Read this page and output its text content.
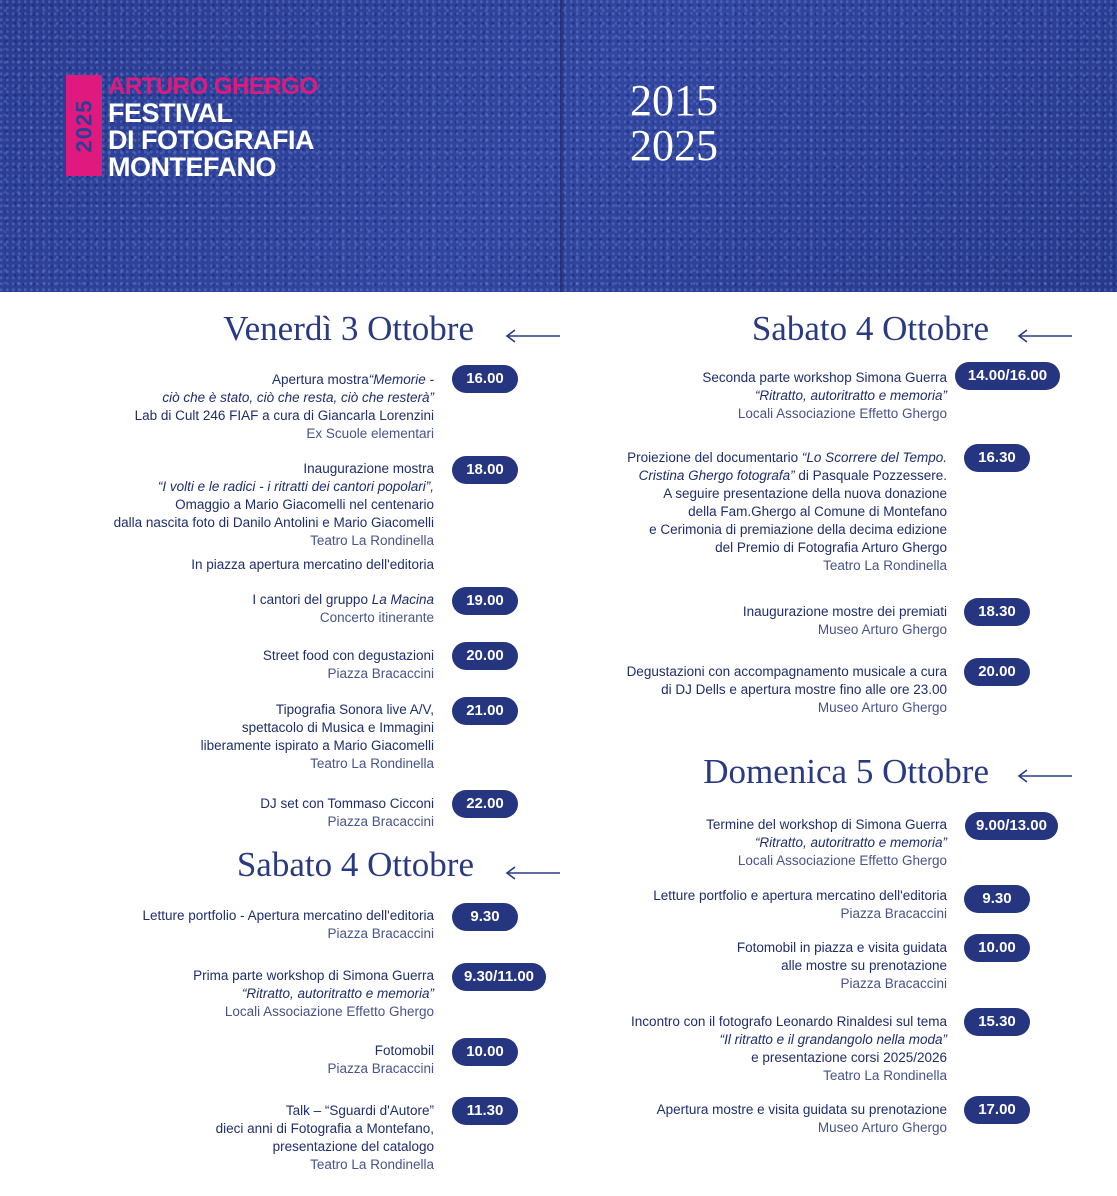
2025
ARTURO GHERGO
FESTIVAL
DI FOTOGRAFIA
MONTEFANO
2015
2025
Venerdì 3 Ottobre
Apertura mostra“Memorie -
ciò che è stato, ciò che resta, ciò che resterà”
Lab di Cult 246 FIAF a cura di Giancarla Lorenzini
Ex Scuole elementari
16.00
Inaugurazione mostra
“I volti e le radici - i ritratti dei cantori popolari”,
Omaggio a Mario Giacomelli nel centenario
dalla nascita foto di Danilo Antolini e Mario Giacomelli
Teatro La Rondinella
18.00
In piazza apertura mercatino dell'editoria
I cantori del gruppo La Macina
Concerto itinerante
19.00
Street food con degustazioni
Piazza Bracaccini
20.00
Tipografia Sonora live A/V,
spettacolo di Musica e Immagini
liberamente ispirato a Mario Giacomelli
Teatro La Rondinella
21.00
DJ set con Tommaso Cicconi
Piazza Bracaccini
22.00
Sabato 4 Ottobre
Letture portfolio - Apertura mercatino dell'editoria
Piazza Bracaccini
9.30
Prima parte workshop di Simona Guerra
“Ritratto, autoritratto e memoria”
Locali Associazione Effetto Ghergo
9.30/11.00
Fotomobil
Piazza Bracaccini
10.00
Talk – “Sguardi d'Autore”
dieci anni di Fotografia a Montefano,
presentazione del catalogo
Teatro La Rondinella
11.30
Sabato 4 Ottobre
Seconda parte workshop Simona Guerra
“Ritratto, autoritratto e memoria”
Locali Associazione Effetto Ghergo
14.00/16.00
Proiezione del documentario “Lo Scorrere del Tempo.
Cristina Ghergo fotografa” di Pasquale Pozzessere.
A seguire presentazione della nuova donazione
della Fam.Ghergo al Comune di Montefano
e Cerimonia di premiazione della decima edizione
del Premio di Fotografia Arturo Ghergo
Teatro La Rondinella
16.30
Inaugurazione mostre dei premiati
Museo Arturo Ghergo
18.30
Degustazioni con accompagnamento musicale a cura
di DJ Dells e apertura mostre fino alle ore 23.00
Museo Arturo Ghergo
20.00
Domenica 5 Ottobre
Termine del workshop di Simona Guerra
“Ritratto, autoritratto e memoria”
Locali Associazione Effetto Ghergo
9.00/13.00
Letture portfolio e apertura mercatino dell'editoria
Piazza Bracaccini
9.30
Fotomobil in piazza e visita guidata
alle mostre su prenotazione
Piazza Bracaccini
10.00
Incontro con il fotografo Leonardo Rinaldesi sul tema
“Il ritratto e il grandangolo nella moda”
e presentazione corsi 2025/2026
Teatro La Rondinella
15.30
Apertura mostre e visita guidata su prenotazione
Museo Arturo Ghergo
17.00
